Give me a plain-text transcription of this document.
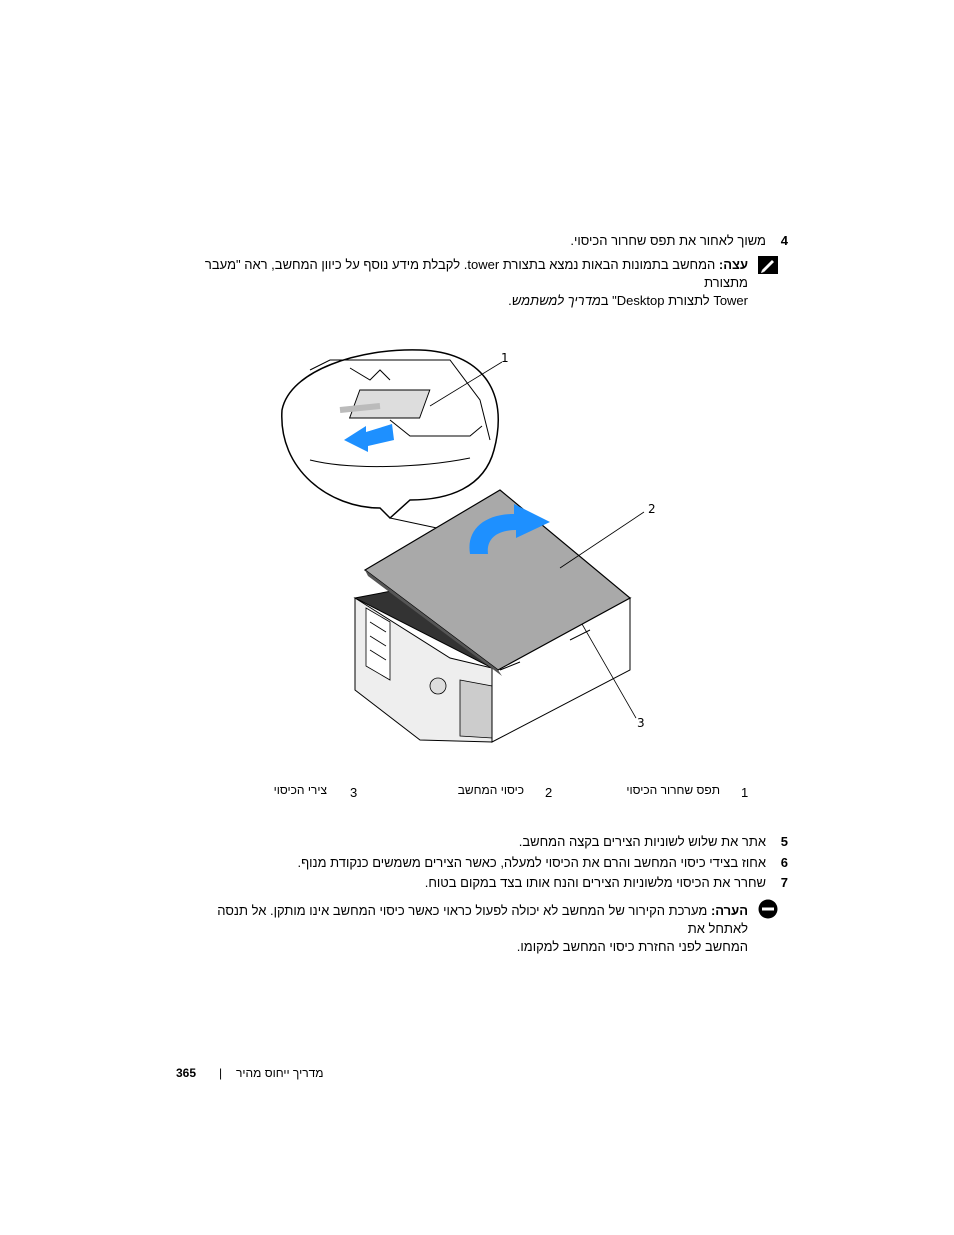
4
משוך לאחור את תפס שחרור הכיסוי.
עצה: המחשב בתמונות הבאות נמצא בתצורת tower. לקבלת מידע נוסף על כיוון המחשב, ראה "מעבר מתצורת
Tower לתצורת Desktop" במדריך למשתמש.
1
2
3
1
תפס שחרור הכיסוי
2
כיסוי המחשב
3
צירי הכיסוי
5
אתר את שלוש לשוניות הצירים בקצה המחשב.
6
אחוז בצידי כיסוי המחשב והרם את הכיסוי למעלה, כאשר הצירים משמשים כנקודת מנוף.
7
שחרר את הכיסוי מלשוניות הצירים והנח אותו בצד במקום בטוח.
הערה: מערכת הקירור של המחשב לא יכולה לפעול כראוי כאשר כיסוי המחשב אינו מותקן. אל תנסה לאתחל את
המחשב לפני החזרת כיסוי המחשב למקומו.
365 | מדריך ייחוס מהיר
